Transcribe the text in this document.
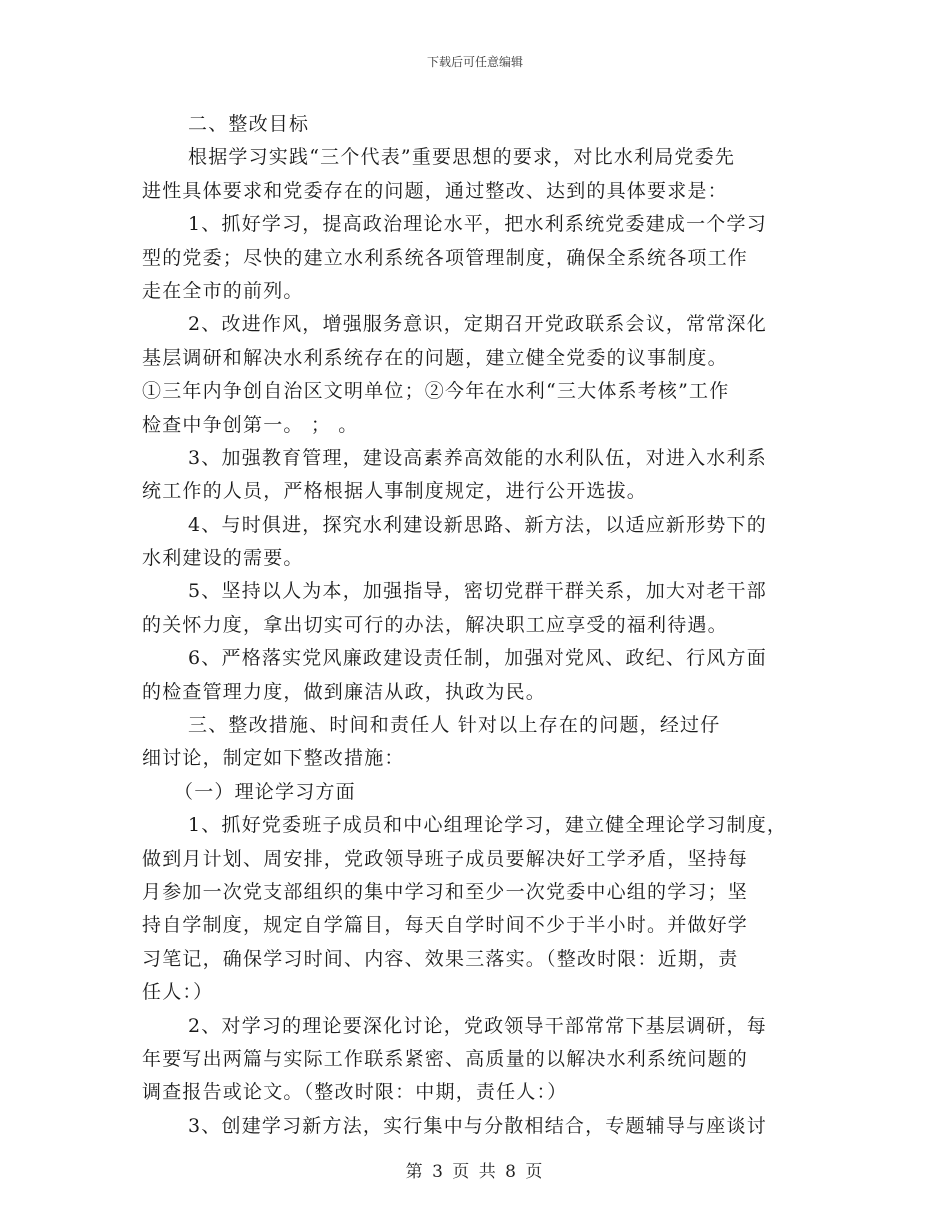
下载后可任意编辑
二、整改目标
根据学习实践“三个代表”重要思想的要求，对比水利局党委先
进性具体要求和党委存在的问题，通过整改、达到的具体要求是：
1、抓好学习，提高政治理论水平，把水利系统党委建成一个学习
型的党委；尽快的建立水利系统各项管理制度，确保全系统各项工作
走在全市的前列。
2、改进作风，增强服务意识，定期召开党政联系会议，常常深化
基层调研和解决水利系统存在的问题，建立健全党委的议事制度。
①三年内争创自治区文明单位；②今年在水利“三大体系考核”工作
检查中争创第一。 ； 。
3、加强教育管理，建设高素养高效能的水利队伍，对进入水利系
统工作的人员，严格根据人事制度规定，进行公开选拔。
4、与时俱进，探究水利建设新思路、新方法，以适应新形势下的
水利建设的需要。
5、坚持以人为本，加强指导，密切党群干群关系，加大对老干部
的关怀力度，拿出切实可行的办法，解决职工应享受的福利待遇。
6、严格落实党风廉政建设责任制，加强对党风、政纪、行风方面
的检查管理力度，做到廉洁从政，执政为民。
三、整改措施、时间和责任人 针对以上存在的问题，经过仔
细讨论，制定如下整改措施：
（一）理论学习方面
1、抓好党委班子成员和中心组理论学习，建立健全理论学习制度，
做到月计划、周安排，党政领导班子成员要解决好工学矛盾，坚持每
月参加一次党支部组织的集中学习和至少一次党委中心组的学习；坚
持自学制度，规定自学篇目，每天自学时间不少于半小时。并做好学
习笔记，确保学习时间、内容、效果三落实。（整改时限：近期，责
任人：）
2、对学习的理论要深化讨论，党政领导干部常常下基层调研，每
年要写出两篇与实际工作联系紧密、高质量的以解决水利系统问题的
调查报告或论文。（整改时限：中期，责任人：）
3、创建学习新方法，实行集中与分散相结合，专题辅导与座谈讨
第 3 页 共 8 页
